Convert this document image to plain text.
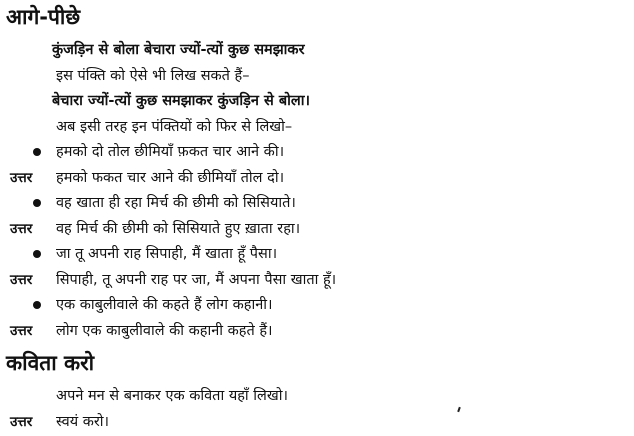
आगे-पीछे
कुंजड़िन से बोला बेचारा ज्यों-त्यों कुछ समझाकर
इस पंक्ति को ऐसे भी लिख सकते हैं–
बेचारा ज्यों-त्यों कुछ समझाकर कुंजड़िन से बोला।
अब इसी तरह इन पंक्तियों को फिर से लिखो–
हमको दो तोल छीमियाँ फ़कत चार आने की।
उत्तर हमको फकत चार आने की छीमियाँ तोल दो।
वह खाता ही रहा मिर्च की छीमी को सिसियाते।
उत्तर वह मिर्च की छीमी को सिसियाते हुए ख़ाता रहा।
जा तू अपनी राह सिपाही, मैं खाता हूँ पैसा।
उत्तर सिपाही, तू अपनी राह पर जा, मैं अपना पैसा खाता हूँ।
एक काबुलीवाले की कहते हैं लोग कहानी।
उत्तर लोग एक काबुलीवाले की कहानी कहते हैं।
कविता करो
अपने मन से बनाकर एक कविता यहाँ लिखो।
उत्तर स्वयं करो।
